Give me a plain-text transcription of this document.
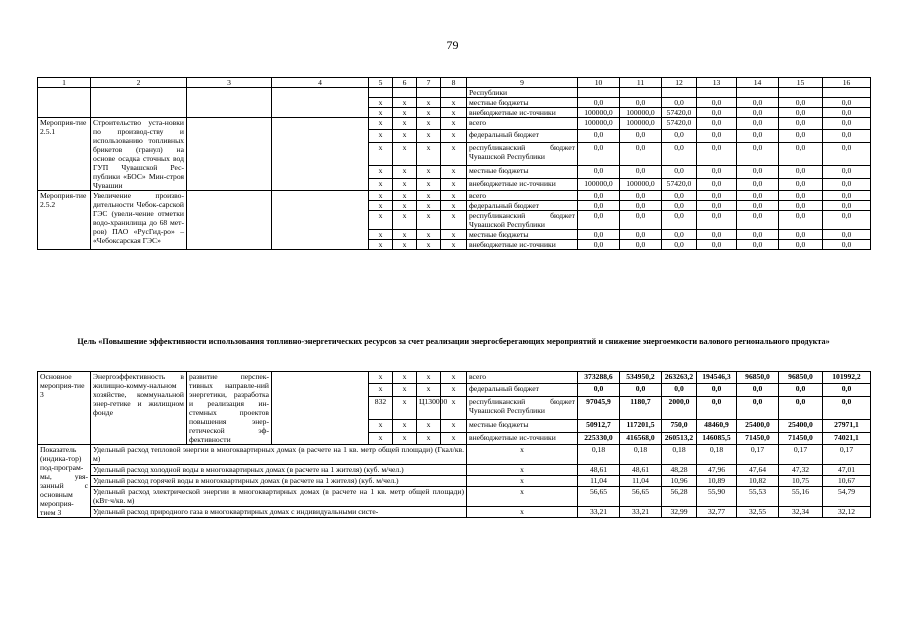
79
1	2	3	4	5	6	7	8	9	10	11	12	13	14	15	16
								Республики							
				x	x	x	x	местные бюджеты	0,0	0,0	0,0	0,0	0,0	0,0	0,0
				x	x	x	x	внебюджетные ис-точники	100000,0	100000,0	57420,0	0,0	0,0	0,0	0,0
Мероприя-тие 2.5.1	Строительство уста-новки по производ-ству и использованию топливных брикетов (гранул) на основе осадка сточных вод ГУП Чувашской Рес-публики «БОС» Мин-строя Чувашии			x	x	x	x	всего	100000,0	100000,0	57420,0	0,0	0,0	0,0	0,0
				x	x	x	x	федеральный бюджет	0,0	0,0	0,0	0,0	0,0	0,0	0,0
				x	x	x	x	республиканский бюджет Чувашской Республики	0,0	0,0	0,0	0,0	0,0	0,0	0,0
				x	x	x	x	местные бюджеты	0,0	0,0	0,0	0,0	0,0	0,0	0,0
				x	x	x	x	внебюджетные ис-точники	100000,0	100000,0	57420,0	0,0	0,0	0,0	0,0
Мероприя-тие 2.5.2	Увеличение произво-дительности Чебок-сарской ГЭС (увели-чение отметки водо-хранилища до 68 мет-ров) ПАО «РусГид-ро» – «Чебоксарская ГЭС»			x	x	x	x	всего	0,0	0,0	0,0	0,0	0,0	0,0	0,0
				x	x	x	x	федеральный бюджет	0,0	0,0	0,0	0,0	0,0	0,0	0,0
				x	x	x	x	республиканский бюджет Чувашской Республики	0,0	0,0	0,0	0,0	0,0	0,0	0,0
				x	x	x	x	местные бюджеты	0,0	0,0	0,0	0,0	0,0	0,0	0,0
				x	x	x	x	внебюджетные ис-точники	0,0	0,0	0,0	0,0	0,0	0,0	0,0
Цель «Повышение эффективности использования топливно-энергетических ресурсов за счет реализации энергосберегающих мероприятий и снижение энергоемкости валового регионального продукта»
Основное мероприя-тие 3	Энергоэффективность в жилищно-комму-нальном хозяйстве, коммунальной энер-гетике и жилищном фонде	развитие перспек-тивных направле-ний энергетики, разработка и реализация ин-стемных проектов повышения энер-гетической эф-фективности		x	x	x	x	всего	373288,6	534950,2	263263,2	194546,3	96850,0	96850,0	101992,2
				x	x	x	x	федеральный бюджет	0,0	0,0	0,0	0,0	0,0	0,0	0,0
				832	x	Ц130000	x	республиканский бюджет Чувашской Республики	97045,9	1180,7	2000,0	0,0	0,0	0,0	0,0
				x	x	x	x	местные бюджеты	50912,7	117201,5	750,0	48460,9	25400,0	25400,0	27971,1
				x	x	x	x	внебюджетные ис-точники	225330,0	416568,0	260513,2	146085,5	71450,0	71450,0	74021,1
Показатель (индика-тор) под-програм-мы, увя-занный с основным мероприя-тием 3	Удельный расход тепловой энергии в многоквартирных домах (в расчете на 1 кв. метр общей площади) (Гкал/кв. м)							x	0,18	0,18	0,18	0,18	0,17	0,17	0,17
	Удельный расход холодной воды в многоквартирных домах (в расчете на 1 жителя) (куб. м/чел.)							x	48,61	48,61	48,28	47,96	47,64	47,32	47,01
	Удельный расход горячей воды в многоквартирных домах (в расчете на 1 жителя) (куб. м/чел.)							x	11,04	11,04	10,96	10,89	10,82	10,75	10,67
	Удельный расход электрической энергии в многоквартирных домах (в расчете на 1 кв. метр общей площади) (кВт·ч/кв. м)							x	56,65	56,65	56,28	55,90	55,53	55,16	54,79
	Удельный расход природного газа в многоквартирных домах с индивидуальными систе-							x	33,21	33,21	32,99	32,77	32,55	32,34	32,12
